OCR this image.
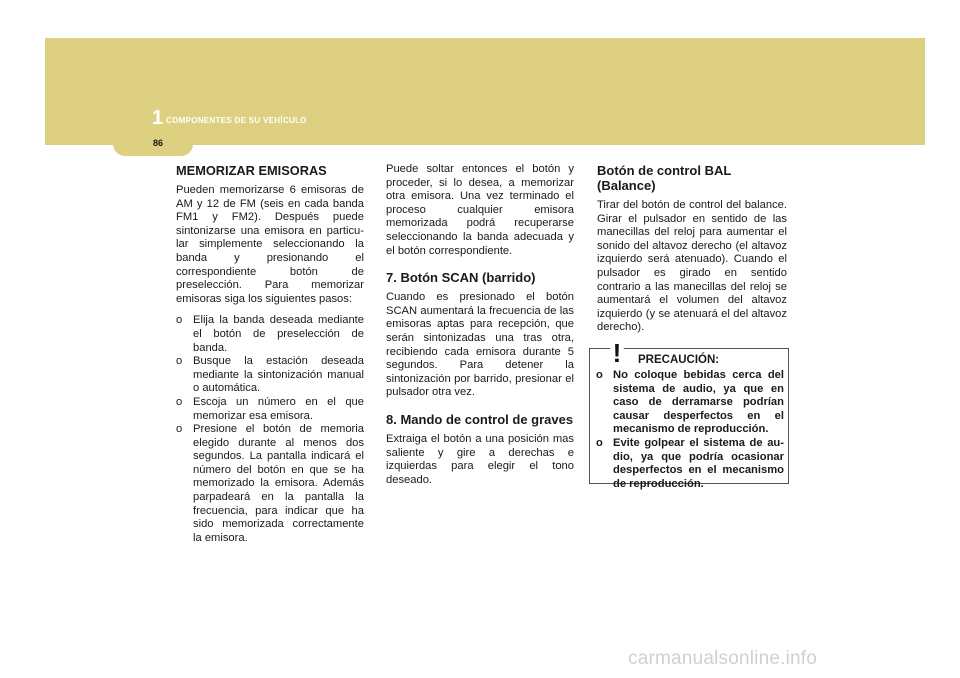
1 COMPONENTES DE SU VEHÍCULO
86
MEMORIZAR EMISORAS

Pueden memorizarse 6 emisoras de AM y 12 de FM (seis en cada banda FM1 y FM2). Después puede sintonizarse una emisora en particu-lar simplemente seleccionando la banda y presionando el correspondiente botón de preselección. Para memorizar emisoras siga los siguientes pasos:

o Elija la banda deseada mediante el botón de preselección de banda.
o Busque la estación deseada mediante la sintonización manual o automática.
o Escoja un número en el que memorizar esa emisora.
o Presione el botón de memoria elegido durante al menos dos segundos. La pantalla indicará el número del botón en que se ha memorizado la emisora. Además parpadeará en la pantalla la frecuencia, para indicar que ha sido memorizada correctamente la emisora.

Puede soltar entonces el botón y proceder, si lo desea, a memorizar otra emisora. Una vez terminado el proceso cualquier emisora memorizada podrá recuperarse seleccionando la banda adecuada y el botón correspondiente.

7. Botón SCAN (barrido)

Cuando es presionado el botón SCAN aumentará la frecuencia de las emisoras aptas para recepción, que serán sintonizadas una tras otra, recibiendo cada emisora durante 5 segundos. Para detener la sintonización por barrido, presionar el pulsador otra vez.

8. Mando de control de graves

Extraiga el botón a una posición mas saliente y gire a derechas e izquierdas para elegir el tono deseado.

Botón de control BAL (Balance)

Tirar del botón de control del balance. Girar el pulsador en sentido de las manecillas del reloj para aumentar el sonido del altavoz derecho (el altavoz izquierdo será atenuado). Cuando el pulsador es girado en sentido contrario a las manecillas del reloj se aumentará el volumen del altavoz izquierdo (y se atenuará el del altavoz derecho).

! PRECAUCIÓN:
o No coloque bebidas cerca del sistema de audio, ya que en caso de derramarse podrían causar desperfectos en el mecanismo de reproducción.
o Evite golpear el sistema de au-dio, ya que podría ocasionar desperfectos en el mecanismo de reproducción.
carmanualsonline.info
